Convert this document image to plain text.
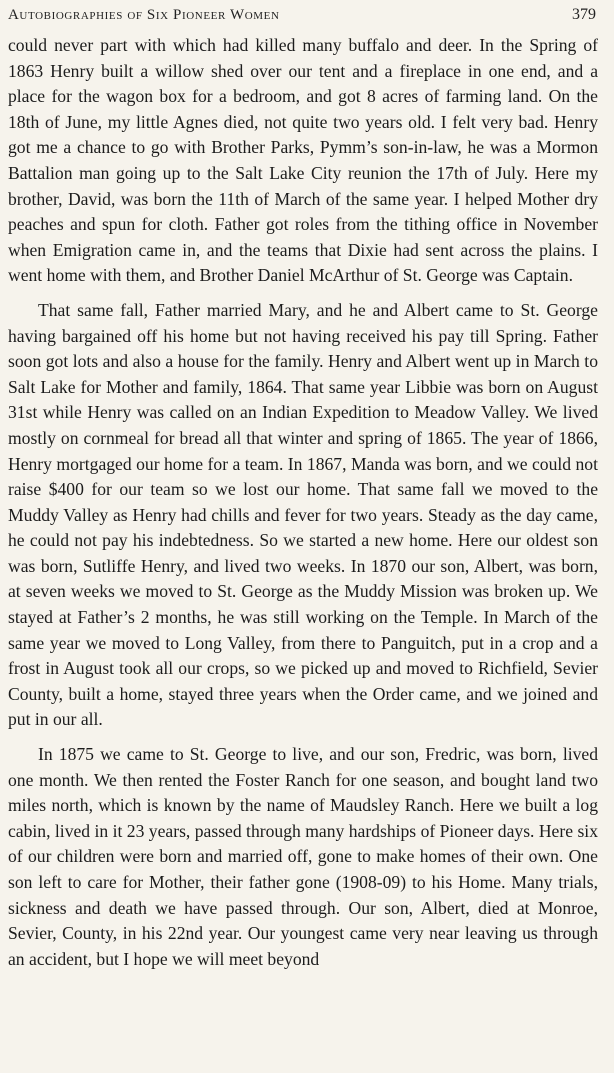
Autobiographies of Six Pioneer Women	379

could never part with which had killed many buffalo and deer. In the Spring of 1863 Henry built a willow shed over our tent and a fireplace in one end, and a place for the wagon box for a bedroom, and got 8 acres of farming land. On the 18th of June, my little Agnes died, not quite two years old. I felt very bad. Henry got me a chance to go with Brother Parks, Pymm’s son-in-law, he was a Mormon Battalion man going up to the Salt Lake City reunion the 17th of July. Here my brother, David, was born the 11th of March of the same year. I helped Mother dry peaches and spun for cloth. Father got roles from the tithing office in November when Emigration came in, and the teams that Dixie had sent across the plains. I went home with them, and Brother Daniel McArthur of St. George was Captain.

That same fall, Father married Mary, and he and Albert came to St. George having bargained off his home but not having received his pay till Spring. Father soon got lots and also a house for the family. Henry and Albert went up in March to Salt Lake for Mother and family, 1864. That same year Libbie was born on August 31st while Henry was called on an Indian Expedition to Meadow Valley. We lived mostly on cornmeal for bread all that winter and spring of 1865. The year of 1866, Henry mortgaged our home for a team. In 1867, Manda was born, and we could not raise $400 for our team so we lost our home. That same fall we moved to the Muddy Valley as Henry had chills and fever for two years. Steady as the day came, he could not pay his indebtedness. So we started a new home. Here our oldest son was born, Sutliffe Henry, and lived two weeks. In 1870 our son, Albert, was born, at seven weeks we moved to St. George as the Muddy Mission was broken up. We stayed at Father’s 2 months, he was still working on the Temple. In March of the same year we moved to Long Valley, from there to Panguitch, put in a crop and a frost in August took all our crops, so we picked up and moved to Richfield, Sevier County, built a home, stayed three years when the Order came, and we joined and put in our all.

In 1875 we came to St. George to live, and our son, Fredric, was born, lived one month. We then rented the Foster Ranch for one season, and bought land two miles north, which is known by the name of Maudsley Ranch. Here we built a log cabin, lived in it 23 years, passed through many hardships of Pioneer days. Here six of our children were born and married off, gone to make homes of their own. One son left to care for Mother, their father gone (1908-09) to his Home. Many trials, sickness and death we have passed through. Our son, Albert, died at Monroe, Sevier, County, in his 22nd year. Our youngest came very near leaving us through an accident, but I hope we will meet beyond
